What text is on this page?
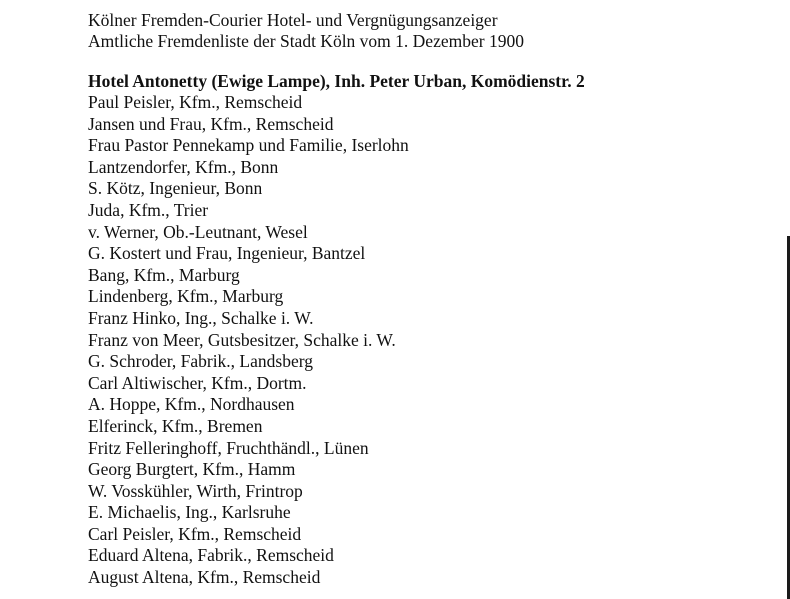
Kölner Fremden-Courier Hotel- und Vergnügungsanzeiger
Amtliche Fremdenliste der Stadt Köln vom 1. Dezember 1900
Hotel Antonetty (Ewige Lampe), Inh. Peter Urban, Komödienstr. 2
Paul Peisler, Kfm., Remscheid
Jansen und Frau, Kfm., Remscheid
Frau Pastor Pennekamp und Familie, Iserlohn
Lantzendorfer, Kfm., Bonn
S. Kötz, Ingenieur, Bonn
Juda, Kfm., Trier
v. Werner, Ob.-Leutnant, Wesel
G. Kostert und Frau, Ingenieur, Bantzel
Bang, Kfm., Marburg
Lindenberg, Kfm., Marburg
Franz Hinko, Ing., Schalke i. W.
Franz von Meer, Gutsbesitzer, Schalke i. W.
G. Schroder, Fabrik., Landsberg
Carl Altiwischer, Kfm., Dortm.
A. Hoppe, Kfm., Nordhausen
Elferinck, Kfm., Bremen
Fritz Felleringhoff, Fruchthändl., Lünen
Georg Burgtert, Kfm., Hamm
W. Vosskühler, Wirth, Frintrop
E. Michaelis, Ing., Karlsruhe
Carl Peisler, Kfm., Remscheid
Eduard Altena, Fabrik., Remscheid
August Altena, Kfm., Remscheid
